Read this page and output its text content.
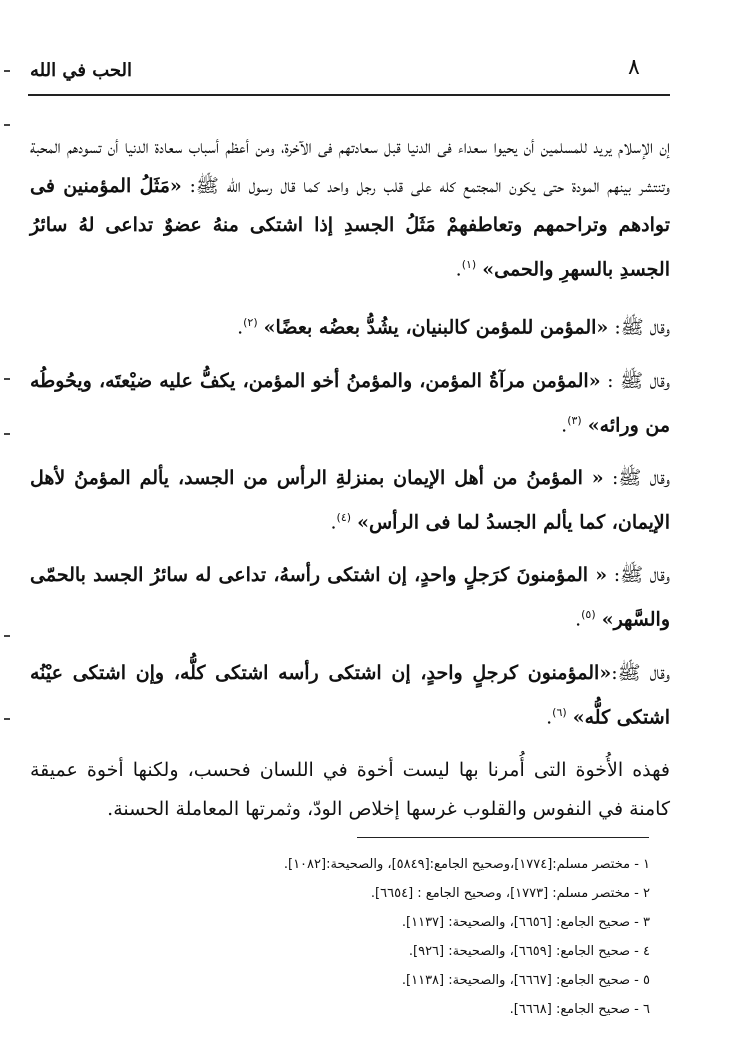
٨
الحب في الله

إن الإسلام يريد للمسلمين أن يحيوا سعداء فى الدنيا قبل سعادتهم فى الآخرة، ومن أعظم أسباب سعادة الدنيا أن تسودهم المحبة وتنتشر بينهم المودة حتى يكون المجتمع كله على قلب رجل واحد كما قال رسول الله ﷺ: «مَثَلُ المؤمنين فى توادهم وتراحمهم وتعاطفهمْ مَثَلُ الجسدِ إذا اشتكى منهُ عضوٌ تداعى لهُ سائرُ الجسدِ بالسهرِ والحمى» $^{(١)}$.

وقال ﷺ: «المؤمن للمؤمن كالبنيان، يشُدُّ بعضُه بعضًا» $^{(٢)}$.

وقال ﷺ : «المؤمن مرآةُ المؤمن، والمؤمنُ أخو المؤمن، يكفُّ عليه ضيْعتَه، ويحُوطُه من ورائه» $^{(٣)}$.

وقال ﷺ: « المؤمنُ من أهل الإيمان بمنزلةِ الرأس من الجسد، يألم المؤمنُ لأهل الإيمان، كما يألم الجسدُ لما فى الرأس» $^{(٤)}$.

وقال ﷺ: « المؤمنونَ كرَجلٍ واحدٍ، إن اشتكى رأسهُ، تداعى له سائرُ الجسد بالحمّى والسَّهر» $^{(٥)}$.

وقال ﷺ:«المؤمنون كرجلٍ واحدٍ، إن اشتكى رأسه اشتكى كلُّه، وإن اشتكى عيْنُه اشتكى كلُّه» $^{(٦)}$.

فهذه الأُخوة التى أُمرنا بها ليست أخوة في اللسان فحسب، ولكنها أخوة عميقة كامنة في النفوس والقلوب غرسها إخلاص الودّ، وثمرتها المعاملة الحسنة.

١ - مختصر مسلم:[١٧٧٤]،وصحيح الجامع:[٥٨٤٩]، والصحيحة:[١٠٨٢].
٢ - مختصر مسلم: [١٧٧٣]، وصحيح الجامع : [٦٦٥٤].
٣ - صحيح الجامع: [٦٦٥٦]، والصحيحة: [١١٣٧].
٤ - صحيح الجامع: [٦٦٥٩]، والصحيحة: [٩٢٦].
٥ - صحيح الجامع: [٦٦٦٧]، والصحيحة: [١١٣٨].
٦ - صحيح الجامع: [٦٦٦٨].
